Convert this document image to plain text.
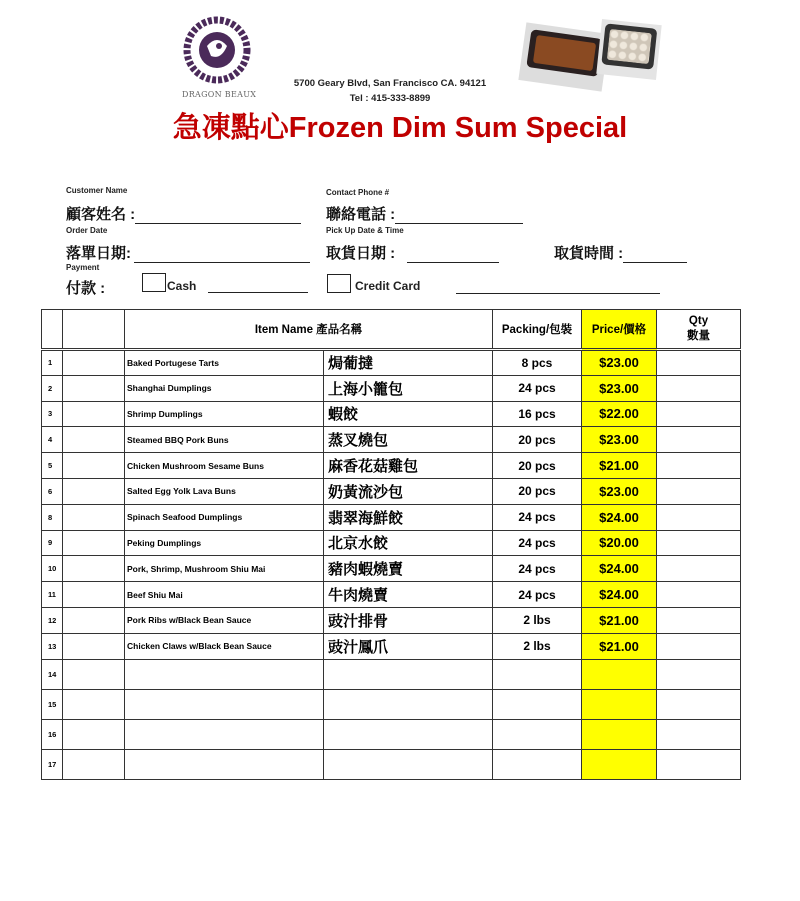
DRAGON BEAUX
5700 Geary Blvd, San Francisco CA. 94121
Tel : 415-333-8899
急凍點心Frozen Dim Sum Special
Customer Name
顧客姓名 :
Contact Phone #
聯絡電話 :
Order Date
落單日期:
Pick Up Date & Time
取貨日期 :	取貨時間 :
Payment
付款 :	Cash	Credit Card
		Item Name 產品名稱		Packing/包裝	Price/價格	Qty
數量

1		Baked Portugese Tarts	焗葡撻	8 pcs	$23.00	
2		Shanghai Dumplings	上海小籠包	24 pcs	$23.00	
3		Shrimp Dumplings	蝦餃	16 pcs	$22.00	
4		Steamed BBQ Pork Buns	蒸叉燒包	20 pcs	$23.00	
5		Chicken Mushroom Sesame Buns	麻香花菇雞包	20 pcs	$21.00	
6		Salted Egg Yolk Lava Buns	奶黃流沙包	20 pcs	$23.00	
8		Spinach Seafood Dumplings	翡翠海鮮餃	24 pcs	$24.00	
9		Peking Dumplings	北京水餃	24 pcs	$20.00	
10		Pork, Shrimp, Mushroom Shiu Mai	豬肉蝦燒賣	24 pcs	$24.00	
11		Beef Shiu Mai	牛肉燒賣	24 pcs	$24.00	
12		Pork Ribs w/Black Bean Sauce	豉汁排骨	2 lbs	$21.00	
13		Chicken Claws w/Black Bean Sauce	豉汁鳳爪	2 lbs	$21.00	
14						
15						
16						
17						
